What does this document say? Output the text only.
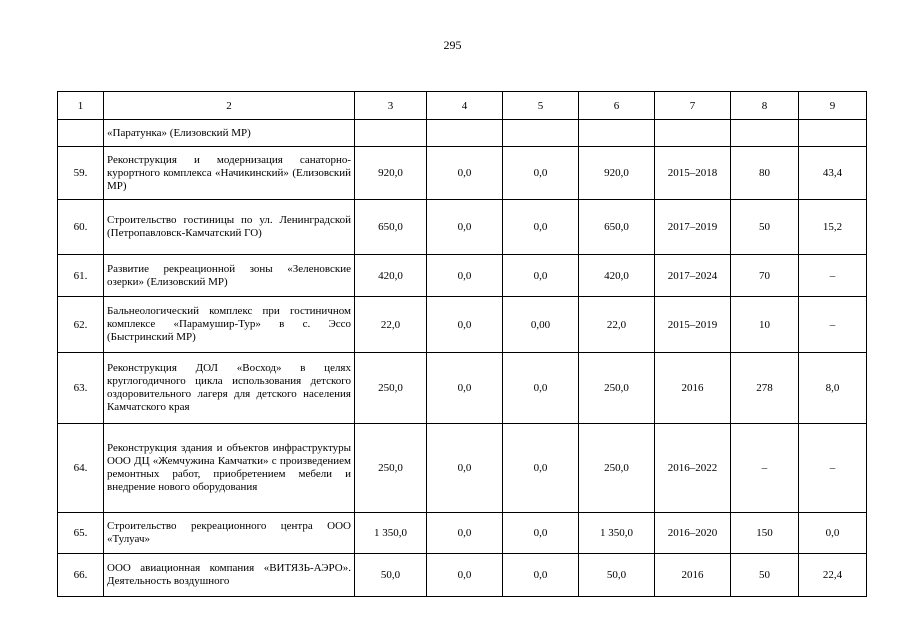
295
1	2	3	4	5	6	7	8	9
	«Паратунка» (Елизовский МР)							
59.	Реконструкция и модернизация санаторно-курортного комплекса «Начикинский» (Елизовский МР)	920,0	0,0	0,0	920,0	2015–2018	80	43,4
60.	Строительство гостиницы по ул. Ленинградской (Петропавловск-Камчатский ГО)	650,0	0,0	0,0	650,0	2017–2019	50	15,2
61.	Развитие рекреационной зоны «Зеленовские озерки» (Елизовский МР)	420,0	0,0	0,0	420,0	2017–2024	70	–
62.	Бальнеологический комплекс при гостиничном комплексе «Парамушир-Тур» в с. Эссо (Быстринский МР)	22,0	0,0	0,00	22,0	2015–2019	10	–
63.	Реконструкция ДОЛ «Восход» в целях круглогодичного цикла использования детского оздоровительного лагеря для детского населения Камчатского края	250,0	0,0	0,0	250,0	2016	278	8,0
64.	Реконструкция здания и объектов инфраструктуры ООО ДЦ «Жемчужина Камчатки» с произведением ремонтных работ, приобретением мебели и внедрение нового оборудования	250,0	0,0	0,0	250,0	2016–2022	–	–
65.	Строительство рекреационного центра ООО «Тулуач»	1 350,0	0,0	0,0	1 350,0	2016–2020	150	0,0
66.	ООО авиационная компания «ВИТЯЗЬ-АЭРО». Деятельность воздушного	50,0	0,0	0,0	50,0	2016	50	22,4
